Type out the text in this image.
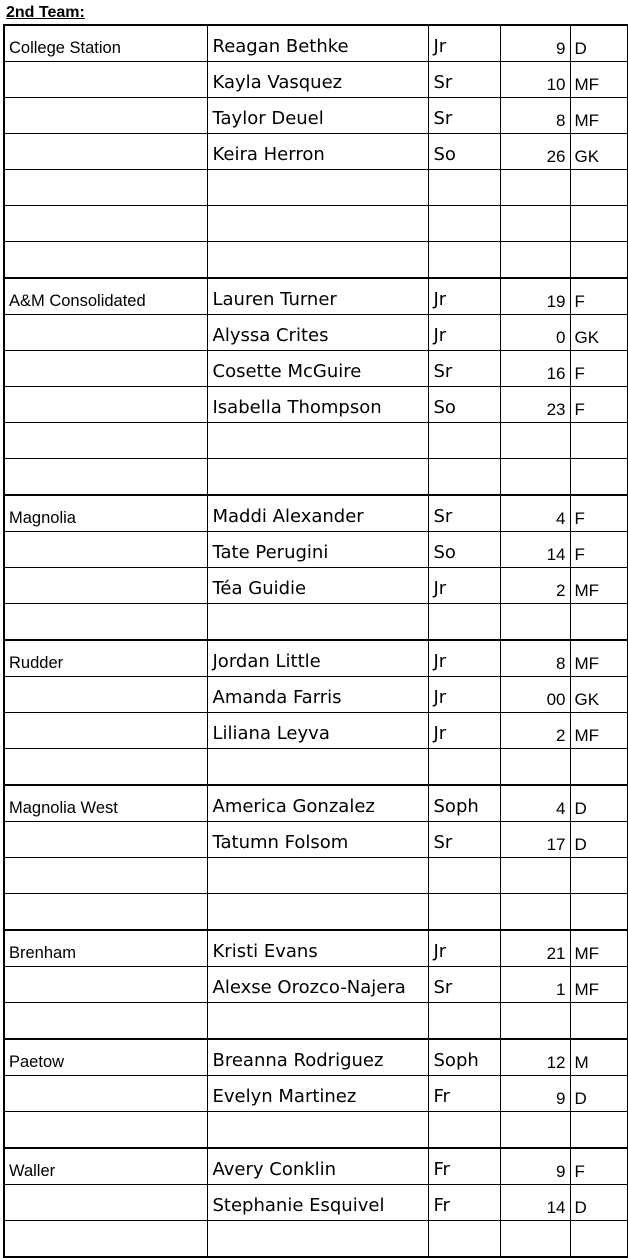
2nd Team:
College Station	Reagan Bethke	Jr	9	D
	Kayla Vasquez	Sr	10	MF
	Taylor Deuel	Sr	8	MF
	Keira Herron	So	26	GK

A&M Consolidated	Lauren Turner	Jr	19	F
	Alyssa Crites	Jr	0	GK
	Cosette McGuire	Sr	16	F
	Isabella Thompson	So	23	F

Magnolia	Maddi Alexander	Sr	4	F
	Tate Perugini	So	14	F
	Téa Guidie	Jr	2	MF

Rudder	Jordan Little	Jr	8	MF
	Amanda Farris	Jr	00	GK
	Liliana Leyva	Jr	2	MF

Magnolia West	America Gonzalez	Soph	4	D
	Tatumn Folsom	Sr	17	D

Brenham	Kristi Evans	Jr	21	MF
	Alexse Orozco-Najera	Sr	1	MF

Paetow	Breanna Rodriguez	Soph	12	M
	Evelyn Martinez	Fr	9	D

Waller	Avery Conklin	Fr	9	F
	Stephanie Esquivel	Fr	14	D
